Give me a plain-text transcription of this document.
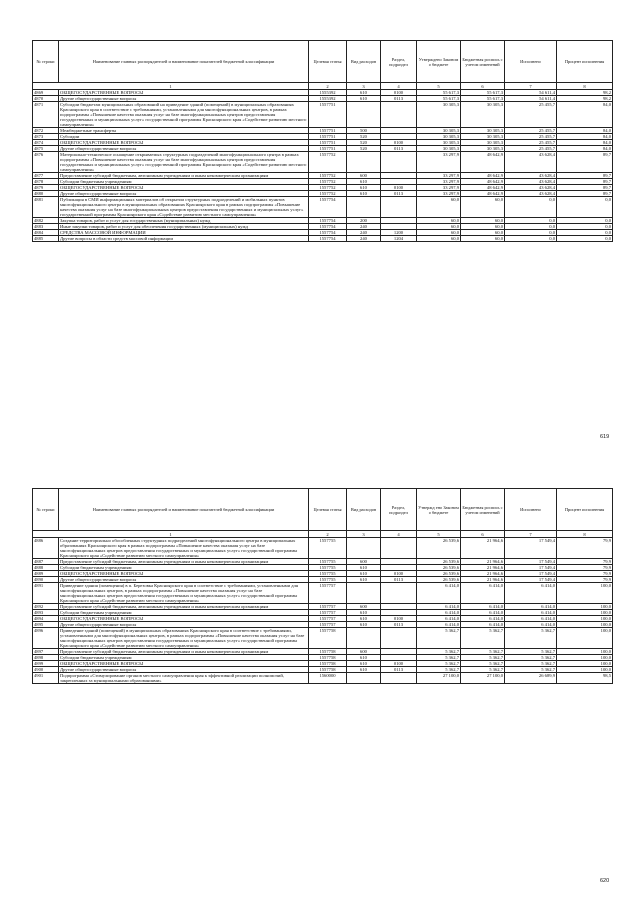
№ строки	Наименование главных распорядителей и наименование показателей бюджетной классификации	Целевая статья	Вид расходов	Раздел, подраздел	Утверждено Законом о бюджете	Бюджетная роспись с учетом изменений	Исполнено	Процент исполнения
1		2	3	4	5	6	7	8
4869	ОБЩЕГОСУДАРСТВЕННЫЕ ВОПРОСЫ	1555392	610	0100	55 617,3	55 617,3	54 611,4	98,2
4870	Другие общегосударственные вопросы	1555392	610	0113	55 617,3	55 617,3	54 611,4	98,2
4871	Субсидии бюджетам муниципальных образований на приведение зданий (помещений) в муниципальных образованиях Красноярского края в соответствие с требованиями, установленными для многофункциональных центров, в рамках подпрограммы «Повышение качества оказания услуг на базе многофункциональных центров предоставления государственных и муниципальных услуг» государственной программы Красноярского края «Содействие развитию местного самоуправления»	1557751			30 305,3	30 305,3	25 455,7	84,0
4872	Межбюджетные трансферты	1557751	500		30 305,3	30 305,3	25 455,7	84,0
4873	Субсидии	1557751	520		30 305,3	30 305,3	25 455,7	84,0
4874	ОБЩЕГОСУДАРСТВЕННЫЕ ВОПРОСЫ	1557751	520	0100	30 305,3	30 305,3	25 455,7	84,0
4875	Другие общегосударственные вопросы	1557751	520	0113	30 305,3	30 305,3	25 455,7	84,0
4876	Материально-техническое оснащение открываемых структурных подразделений многофункционального центра в рамках подпрограммы «Повышение качества оказания услуг на базе многофункциональных центров предоставления государственных и муниципальных услуг» государственной программы Красноярского края «Содействие развитию местного самоуправления»	1557752			33 297,9	48 642,9	43 628,4	89,7
4877	Предоставление субсидий бюджетным, автономным учреждениям и иным некоммерческим организациям	1557752	600		33 297,9	48 642,9	43 628,4	89,7
4878	Субсидии бюджетным учреждениям	1557752	610		33 297,9	48 642,9	43 628,4	89,7
4879	ОБЩЕГОСУДАРСТВЕННЫЕ ВОПРОСЫ	1557752	610	0100	33 297,9	48 642,9	43 628,4	89,7
4880	Другие общегосударственные вопросы	1557752	610	0113	33 297,9	48 642,9	43 628,4	89,7
4881	Публикация в СМИ информационных материалов об открытии структурных подразделений и мобильных пунктов многофункционального центра в муниципальных образованиях Красноярского края в рамках подпрограммы «Повышение качества оказания услуг на базе многофункциональных центров предоставления государственных и муниципальных услуг» государственной программы Красноярского края «Содействие развитию местного самоуправления»	1557754			60,0	60,0	0,0	0,0
4882	Закупка товаров, работ и услуг для государственных (муниципальных) нужд	1557754	200		60,0	60,0	0,0	0,0
4883	Иные закупки товаров, работ и услуг для обеспечения государственных (муниципальных) нужд	1557754	240		60,0	60,0	0,0	0,0
4884	СРЕДСТВА МАССОВОЙ ИНФОРМАЦИИ	1557754	240	1200	60,0	60,0	0,0	0,0
4885	Другие вопросы в области средств массовой информации	1557754	240	1204	60,0	60,0	0,0	0,0
619
№ строки	Наименование главных распорядителей и наименование показателей бюджетной классификации	Целевая статья	Вид расходов	Раздел, подраздел	Утвержд ено Законом о бюджете	Бюджетная роспись с учетом изменений	Исполнено	Процент исполнения
1		2	3	4	5	6	7	8
4886	Создание территориально обособленных структурных подразделений многофункционального центра в муниципальных образованиях Красноярского края в рамках подпрограммы «Повышение качества оказания услуг на базе многофункциональных центров предоставления государственных и муниципальных услуг» государственной программы Красноярского края «Содействие развитию местного самоуправления»	1557755			26 539,6	21 964,6	17 549,4	79,9
4887	Предоставление субсидий бюджетным, автономным учреждениям и иным некоммерческим организациям	1557755	600		26 539,6	21 964,6	17 549,4	79,9
4888	Субсидии бюджетным учреждениям	1557755	610		26 539,6	21 964,6	17 549,4	79,9
4889	ОБЩЕГОСУДАРСТВЕННЫЕ ВОПРОСЫ	1557755	610	0100	26 539,6	21 964,6	17 549,4	79,9
4890	Другие общегосударственные вопросы	1557755	610	0113	26 539,6	21 964,6	17 549,4	79,9
4891	Приведение здания (помещения) в п. Березовка Красноярского края в соответствие с требованиями, установленными для многофункциональных центров, в рамках подпрограммы «Повышение качества оказания услуг на базе многофункциональных центров предоставления государственных и муниципальных услуг» государственной программы Красноярского края «Содействие развитию местного самоуправления»	1557757			6 414,0	6 414,0	6 414,0	100,0
4892	Предоставление субсидий бюджетным, автономным учреждениям и иным некоммерческим организациям	1557757	600		6 414,0	6 414,0	6 414,0	100,0
4893	Субсидии бюджетным учреждениям	1557757	610		6 414,0	6 414,0	6 414,0	100,0
4894	ОБЩЕГОСУДАРСТВЕННЫЕ ВОПРОСЫ	1557757	610	0100	6 414,0	6 414,0	6 414,0	100,0
4895	Другие общегосударственные вопросы	1557757	610	0113	6 414,0	6 414,0	6 414,0	100,0
4896	Приведение зданий (помещений) в муниципальных образованиях Красноярского края в соответствие с требованиями, установленными для многофункциональных центров, в рамках подпрограммы «Повышение качества оказания услуг на базе многофункциональных центров предоставления государственных и муниципальных услуг» государственной программы Красноярского края «Содействие развитию местного самоуправления»	1557758			5 362,7	5 362,7	5 362,7	100,0
4897	Предоставление субсидий бюджетным, автономным учреждениям и иным некоммерческим организациям	1557758	600		5 362,7	5 362,7	5 362,7	100,0
4898	Субсидии бюджетным учреждениям	1557758	610		5 362,7	5 362,7	5 362,7	100,0
4899	ОБЩЕГОСУДАРСТВЕННЫЕ ВОПРОСЫ	1557758	610	0100	5 362,7	5 362,7	5 362,7	100,0
4900	Другие общегосударственные вопросы	1557758	610	0113	5 362,7	5 362,7	5 362,7	100,0
4901	Подпрограмма «Стимулирование органов местного самоуправления края к эффективной реализации полномочий, закрепленных за муниципальными образованиями»	1560000			27 100,0	27 100,0	26 689,9	98,5
620
